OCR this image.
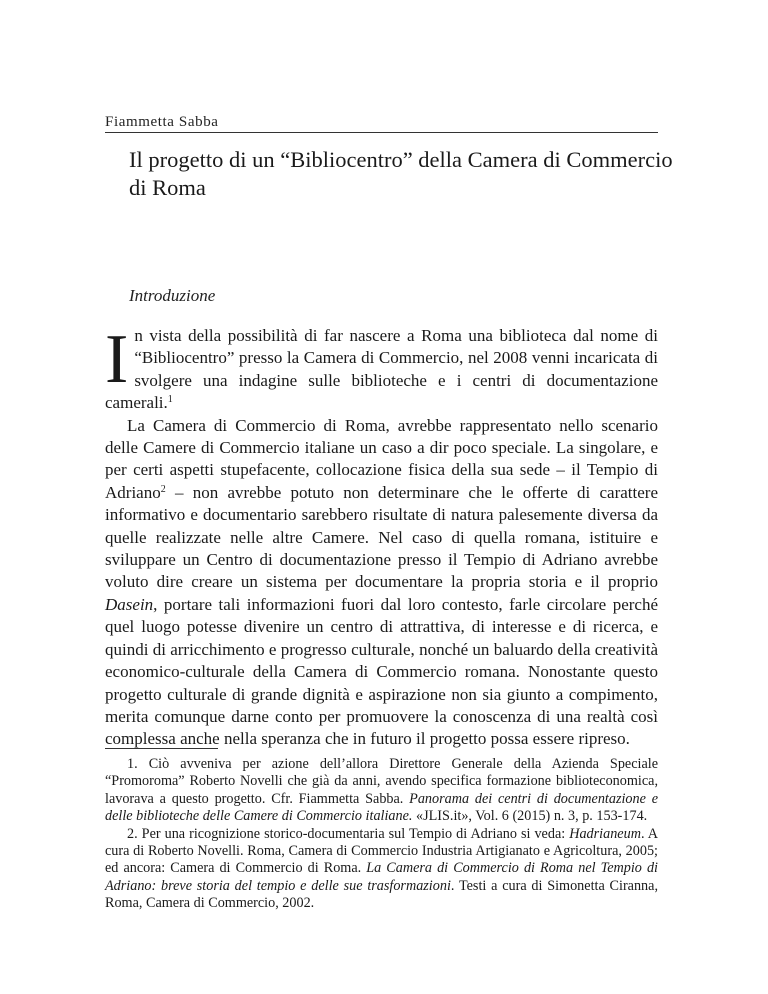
Fiammetta Sabba
Il progetto di un “Bibliocentro” della Camera di Commercio di Roma
Introduzione

In vista della possibilità di far nascere a Roma una biblioteca dal nome di “Bibliocentro” presso la Camera di Commercio, nel 2008 venni incaricata di svolgere una indagine sulle biblioteche e i centri di documentazione camerali.$^1$

La Camera di Commercio di Roma, avrebbe rappresentato nello scenario delle Camere di Commercio italiane un caso a dir poco speciale. La singolare, e per certi aspetti stupefacente, collocazione fisica della sua sede – il Tempio di Adriano$^2$ – non avrebbe potuto non determinare che le offerte di carattere informativo e documentario sarebbero risultate di natura palesemente diversa da quelle realizzate nelle altre Camere. Nel caso di quella romana, istituire e sviluppare un Centro di documentazione presso il Tempio di Adriano avrebbe voluto dire creare un sistema per documentare la propria storia e il proprio Dasein, portare tali informazioni fuori dal loro contesto, farle circolare perché quel luogo potesse divenire un centro di attrattiva, di interesse e di ricerca, e quindi di arricchimento e progresso culturale, nonché un baluardo della creatività economico-culturale della Camera di Commercio romana. Nonostante questo progetto culturale di grande dignità e aspirazione non sia giunto a compimento, merita comunque darne conto per promuovere la conoscenza di una realtà così complessa anche nella speranza che in futuro il progetto possa essere ripreso.

1. Ciò avveniva per azione dell’allora Direttore Generale della Azienda Speciale “Promoroma” Roberto Novelli che già da anni, avendo specifica formazione biblioteconomica, lavorava a questo progetto. Cfr. Fiammetta Sabba. Panorama dei centri di documentazione e delle biblioteche delle Camere di Commercio italiane. «JLIS.it», Vol. 6 (2015) n. 3, p. 153-174.

2. Per una ricognizione storico-documentaria sul Tempio di Adriano si veda: Hadrianeum. A cura di Roberto Novelli. Roma, Camera di Commercio Industria Artigianato e Agricoltura, 2005; ed ancora: Camera di Commercio di Roma. La Camera di Commercio di Roma nel Tempio di Adriano: breve storia del tempio e delle sue trasformazioni. Testi a cura di Simonetta Ciranna, Roma, Camera di Commercio, 2002.
